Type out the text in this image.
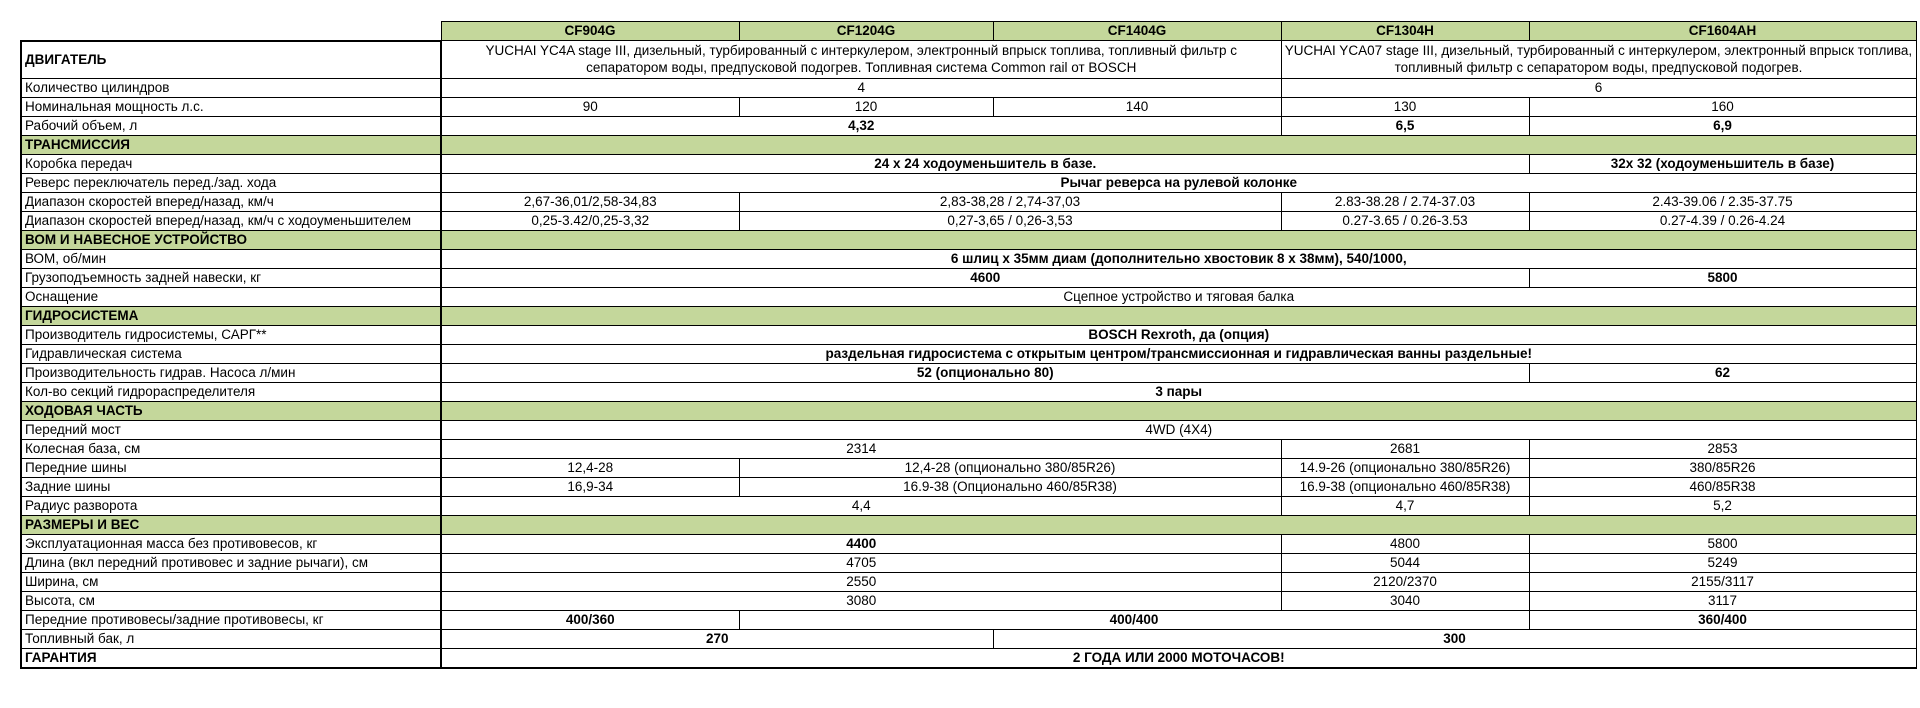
	CF904G	CF1204G	CF1404G	CF1304H	CF1604AH
ДВИГАТЕЛЬ	YUCHAI YC4A stage III, дизельный, турбированный с интеркулером, электронный впрыск топлива, топливный фильтр с сепаратором воды, предпусковой подогрев. Топливная система Common rail от BOSCH			YUCHAI YCA07 stage III, дизельный, турбированный с интеркулером, электронный впрыск топлива, топливный фильтр с сепаратором воды, предпусковой подогрев.	
Количество цилиндров	4			6	
Номинальная мощность л.с.	90	120	140	130	160
Рабочий объем, л	4,32			6,5	6,9
ТРАНСМИССИЯ					
Коробка передач	24 x 24 ходоуменьшитель в базе.				32x 32 (ходоуменьшитель в базе)
Реверс переключатель перед./зад. хода	Рычаг реверса на рулевой колонке				
Диапазон скоростей вперед/назад, км/ч	2,67-36,01/2,58-34,83	2,83-38,28 / 2,74-37,03		2.83-38.28 / 2.74-37.03	2.43-39.06 / 2.35-37.75
Диапазон скоростей вперед/назад, км/ч с ходоуменьшителем	0,25-3.42/0,25-3,32	0,27-3,65 / 0,26-3,53		0.27-3.65 / 0.26-3.53	0.27-4.39 / 0.26-4.24
ВОМ И НАВЕСНОЕ УСТРОЙСТВО					
ВОМ, об/мин	6 шлиц х 35мм диам (дополнительно хвостовик 8 х 38мм), 540/1000,				
Грузоподъемность задней навески, кг	4600				5800
Оснащение	Сцепное устройство и тяговая балка				
ГИДРОСИСТЕМА					
Производитель гидросистемы, САРГ**	BOSCH Rexroth, да (опция)				
Гидравлическая система	раздельная гидросистема с открытым центром/трансмиссионная и гидравлическая ванны раздельные!				
Производительность гидрав. Насоса л/мин	52 (опционально 80)				62
Кол-во секций гидрораспределителя	3 пары				
ХОДОВАЯ ЧАСТЬ					
Передний мост	4WD (4X4)				
Колесная база, см	2314			2681	2853
Передние шины	12,4-28	12,4-28 (опционально 380/85R26)		14.9-26 (опционально 380/85R26)	380/85R26
Задние шины	16,9-34	16.9-38 (Опционально 460/85R38)		16.9-38 (опционально 460/85R38)	460/85R38
Радиус разворота	4,4			4,7	5,2
РАЗМЕРЫ И ВЕС					
Эксплуатационная масса без противовесов, кг	4400			4800	5800
Длина (вкл передний противовес и задние рычаги), см	4705			5044	5249
Ширина, см	2550			2120/2370	2155/3117
Высота, см	3080			3040	3117
Передние противовесы/задние противовесы, кг	400/360	400/400			360/400
Топливный бак, л	270		300		
ГАРАНТИЯ	2 ГОДА ИЛИ 2000 МОТОЧАСОВ!				
